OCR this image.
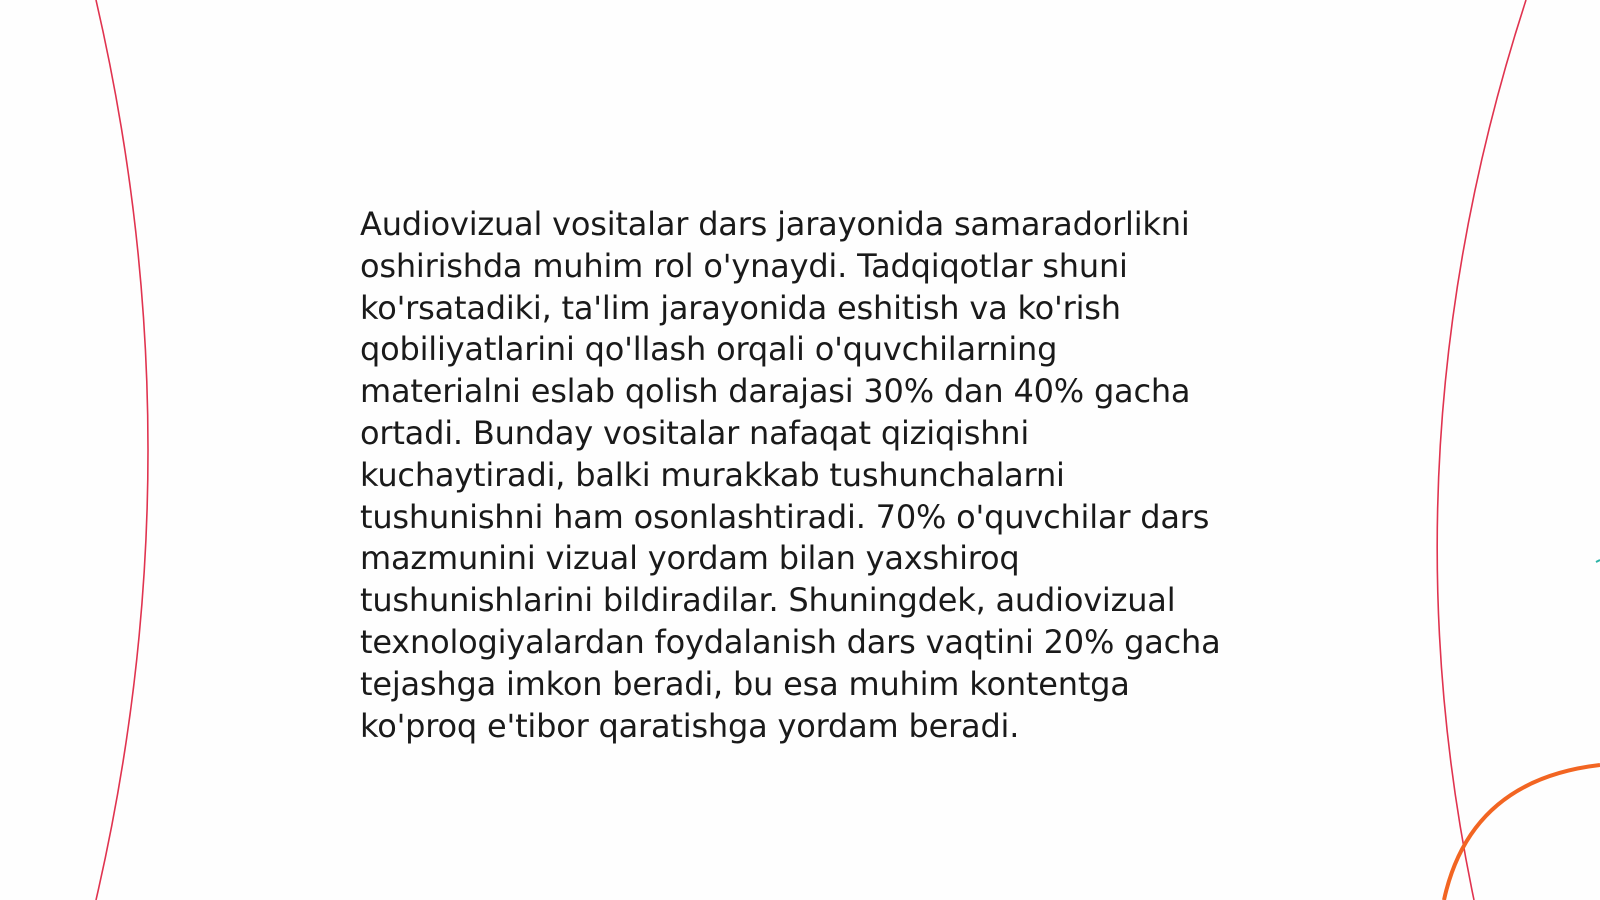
Audiovizual vositalar dars jarayonida samaradorlikni
oshirishda muhim rol o'ynaydi. Tadqiqotlar shuni
ko'rsatadiki, ta'lim jarayonida eshitish va ko'rish
qobiliyatlarini qo'llash orqali o'quvchilarning
materialni eslab qolish darajasi 30% dan 40% gacha
ortadi. Bunday vositalar nafaqat qiziqishni
kuchaytiradi, balki murakkab tushunchalarni
tushunishni ham osonlashtiradi. 70% o'quvchilar dars
mazmunini vizual yordam bilan yaxshiroq
tushunishlarini bildiradilar. Shuningdek, audiovizual
texnologiyalardan foydalanish dars vaqtini 20% gacha
tejashga imkon beradi, bu esa muhim kontentga
ko'proq e'tibor qaratishga yordam beradi.
